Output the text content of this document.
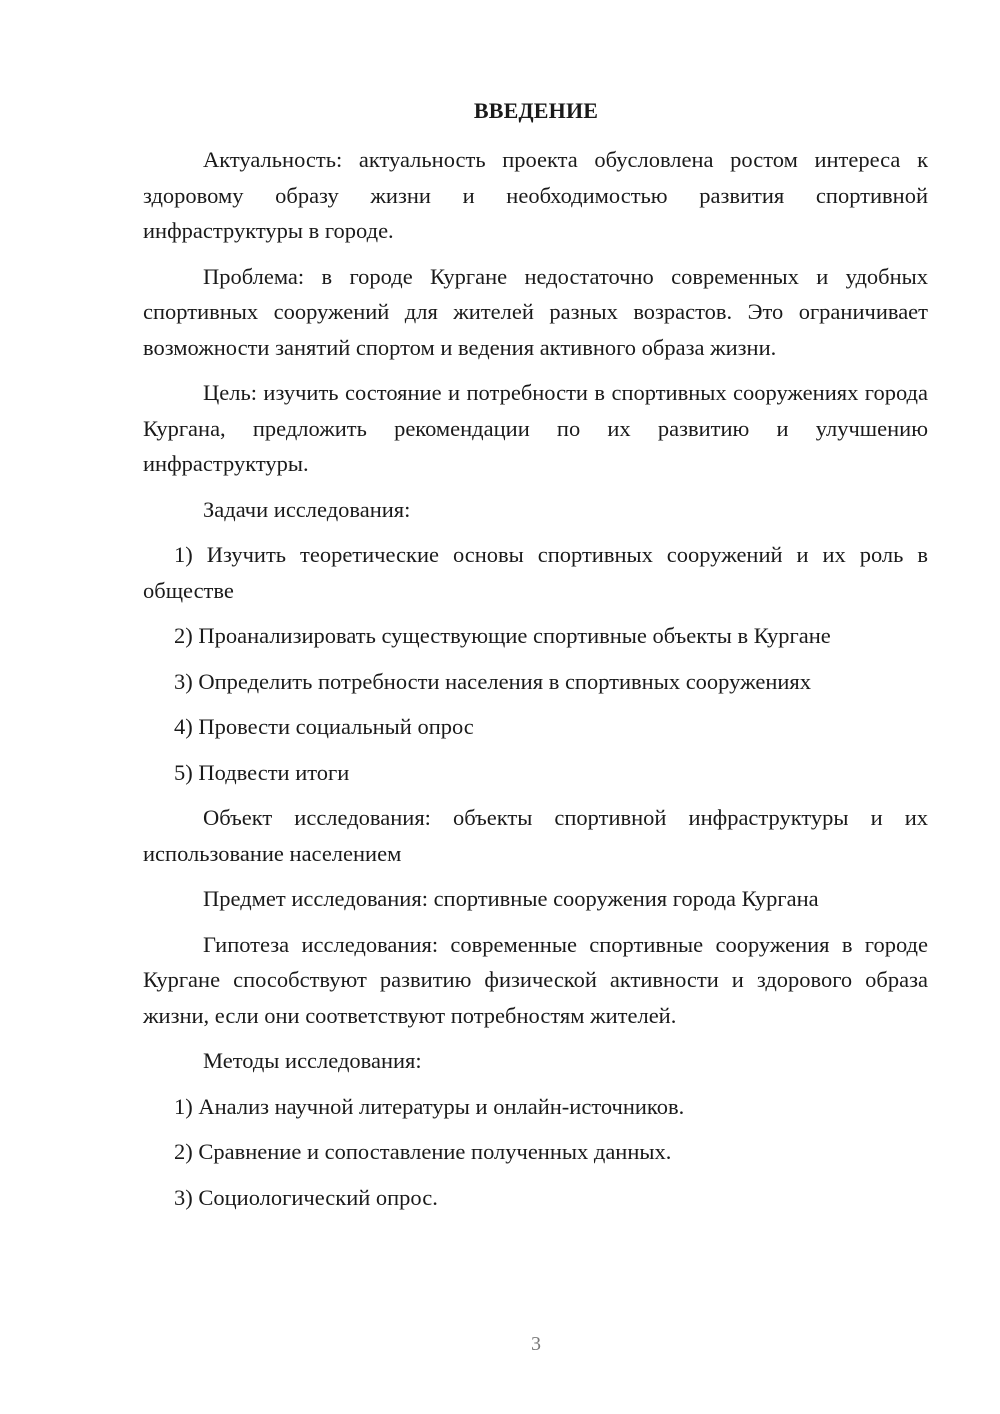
ВВЕДЕНИЕ

Актуальность: актуальность проекта обусловлена ростом интереса к здоровому образу жизни и необходимостью развития спортивной инфраструктуры в городе.

Проблема: в городе Кургане недостаточно современных и удобных спортивных сооружений для жителей разных возрастов. Это ограничивает возможности занятий спортом и ведения активного образа жизни.

Цель: изучить состояние и потребности в спортивных сооружениях города Кургана, предложить рекомендации по их развитию и улучшению инфраструктуры.

Задачи исследования:

1) Изучить теоретические основы спортивных сооружений и их роль в обществе

2) Проанализировать существующие спортивные объекты в Кургане

3) Определить потребности населения в спортивных сооружениях

4) Провести социальный опрос

5) Подвести итоги

Объект исследования: объекты спортивной инфраструктуры и их использование населением

Предмет исследования: спортивные сооружения города Кургана

Гипотеза исследования: современные спортивные сооружения в городе Кургане способствуют развитию физической активности и здорового образа жизни, если они соответствуют потребностям жителей.

Методы исследования:

1) Анализ научной литературы и онлайн-источников.

2) Сравнение и сопоставление полученных данных.

3) Социологический опрос.

3
